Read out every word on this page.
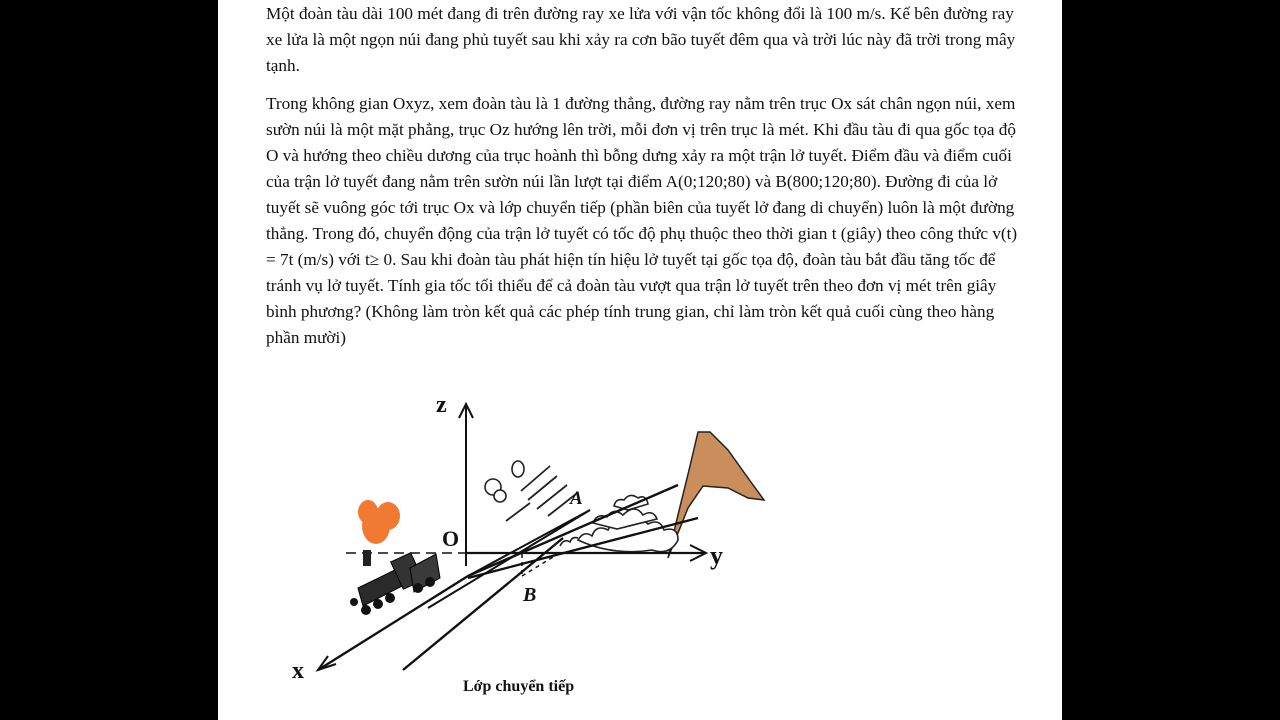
Một đoàn tàu dài 100 mét đang đi trên đường ray xe lửa với vận tốc không đổi là 100 m/s. Kế bên đường ray xe lửa là một ngọn núi đang phủ tuyết sau khi xảy ra cơn bão tuyết đêm qua và trời lúc này đã trời trong mây tạnh.

Trong không gian Oxyz, xem đoàn tàu là 1 đường thẳng, đường ray nằm trên trục Ox sát chân ngọn núi, xem sườn núi là một mặt phẳng, trục Oz hướng lên trời, mỗi đơn vị trên trục là mét. Khi đầu tàu đi qua gốc tọa độ O và hướng theo chiều dương của trục hoành thì bỗng dưng xảy ra một trận lở tuyết. Điểm đầu và điểm cuối của trận lở tuyết đang nằm trên sườn núi lần lượt tại điểm A(0;120;80) và B(800;120;80). Đường đi của lở tuyết sẽ vuông góc tới trục Ox và lớp chuyển tiếp (phần biên của tuyết lở đang di chuyển) luôn là một đường thẳng. Trong đó, chuyển động của trận lở tuyết có tốc độ phụ thuộc theo thời gian t (giây) theo công thức v(t) = 7t (m/s) với t≥ 0. Sau khi đoàn tàu phát hiện tín hiệu lở tuyết tại gốc tọa độ, đoàn tàu bắt đầu tăng tốc để tránh vụ lở tuyết. Tính gia tốc tối thiểu để cả đoàn tàu vượt qua trận lở tuyết trên theo đơn vị mét trên giây bình phương? (Không làm tròn kết quả các phép tính trung gian, chỉ làm tròn kết quả cuối cùng theo hàng phần mười)

z
y
x
O
A
B
Lớp chuyển tiếp
